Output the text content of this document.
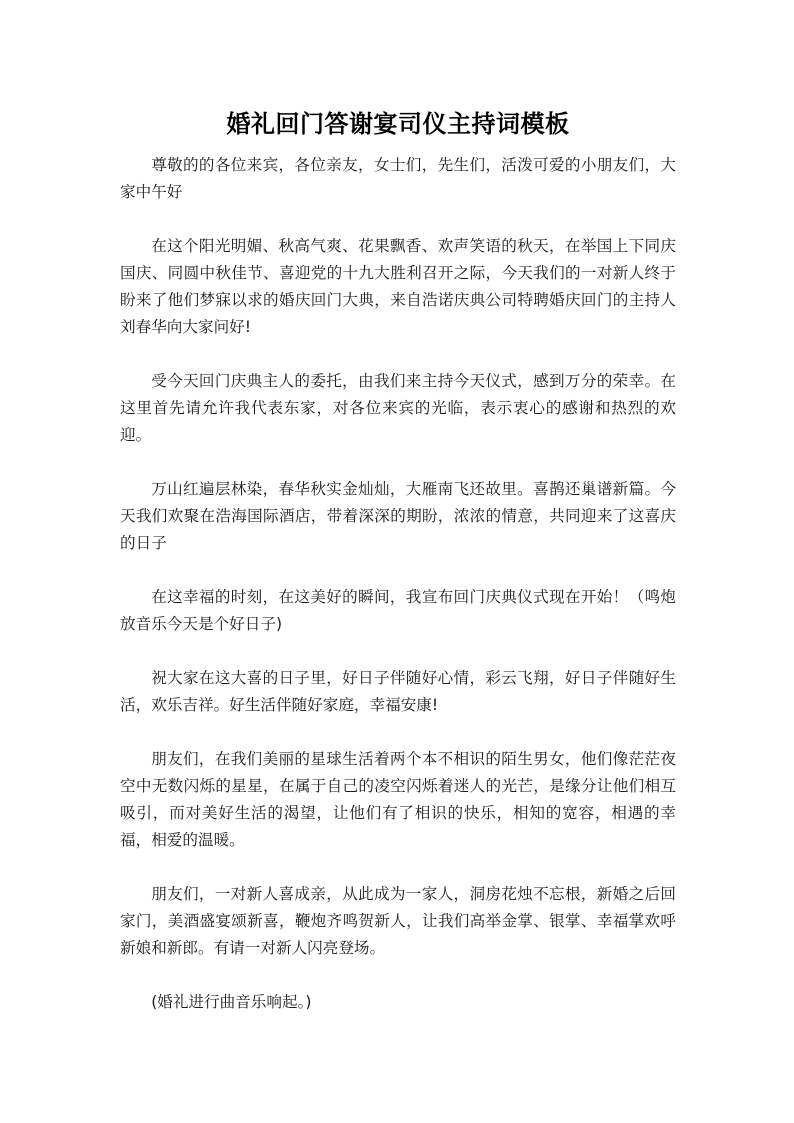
婚礼回门答谢宴司仪主持词模板

尊敬的的各位来宾，各位亲友，女士们，先生们，活泼可爱的小朋友们，大家中午好

在这个阳光明媚、秋高气爽、花果飘香、欢声笑语的秋天，在举国上下同庆国庆、同圆中秋佳节、喜迎党的十九大胜利召开之际，今天我们的一对新人终于盼来了他们梦寐以求的婚庆回门大典，来自浩诺庆典公司特聘婚庆回门的主持人刘春华向大家问好!

受今天回门庆典主人的委托，由我们来主持今天仪式，感到万分的荣幸。在这里首先请允许我代表东家，对各位来宾的光临，表示衷心的感谢和热烈的欢迎。

万山红遍层林染，春华秋实金灿灿，大雁南飞还故里。喜鹊还巢谱新篇。今天我们欢聚在浩海国际酒店，带着深深的期盼，浓浓的情意，共同迎来了这喜庆的日子

在这幸福的时刻，在这美好的瞬间，我宣布回门庆典仪式现在开始！（鸣炮放音乐今天是个好日子)

祝大家在这大喜的日子里，好日子伴随好心情，彩云飞翔，好日子伴随好生活，欢乐吉祥。好生活伴随好家庭，幸福安康!

朋友们，在我们美丽的星球生活着两个本不相识的陌生男女，他们像茫茫夜空中无数闪烁的星星，在属于自己的凌空闪烁着迷人的光芒，是缘分让他们相互吸引，而对美好生活的渴望，让他们有了相识的快乐，相知的宽容，相遇的幸福，相爱的温暖。

朋友们，一对新人喜成亲，从此成为一家人，洞房花烛不忘根，新婚之后回家门，美酒盛宴颂新喜，鞭炮齐鸣贺新人，让我们高举金掌、银掌、幸福掌欢呼新娘和新郎。有请一对新人闪亮登场。

(婚礼进行曲音乐响起。)
